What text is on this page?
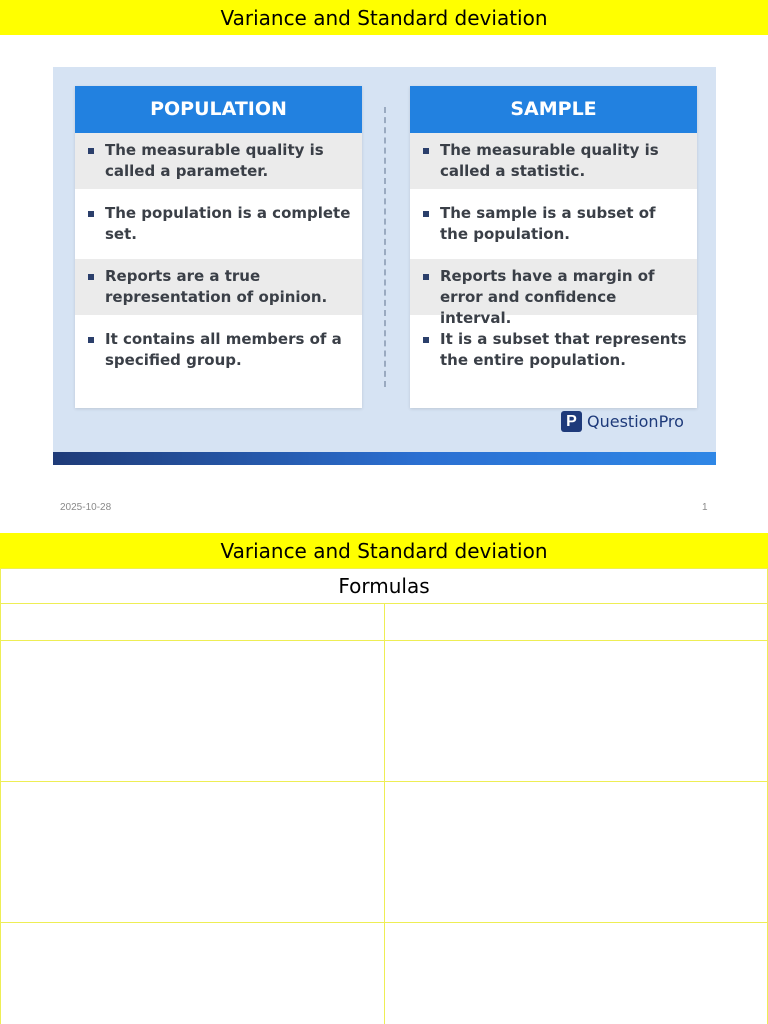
Variance and Standard deviation
POPULATION
The measurable quality is called a parameter.
The population is a complete set.
Reports are a true representation of opinion.
It contains all members of a specified group.
SAMPLE
The measurable quality is called a statistic.
The sample is a subset of the population.
Reports have a margin of error and confidence interval.
It is a subset that represents the entire population.
P QuestionPro
2025-10-28	1
Variance and Standard deviation
Formulas	
